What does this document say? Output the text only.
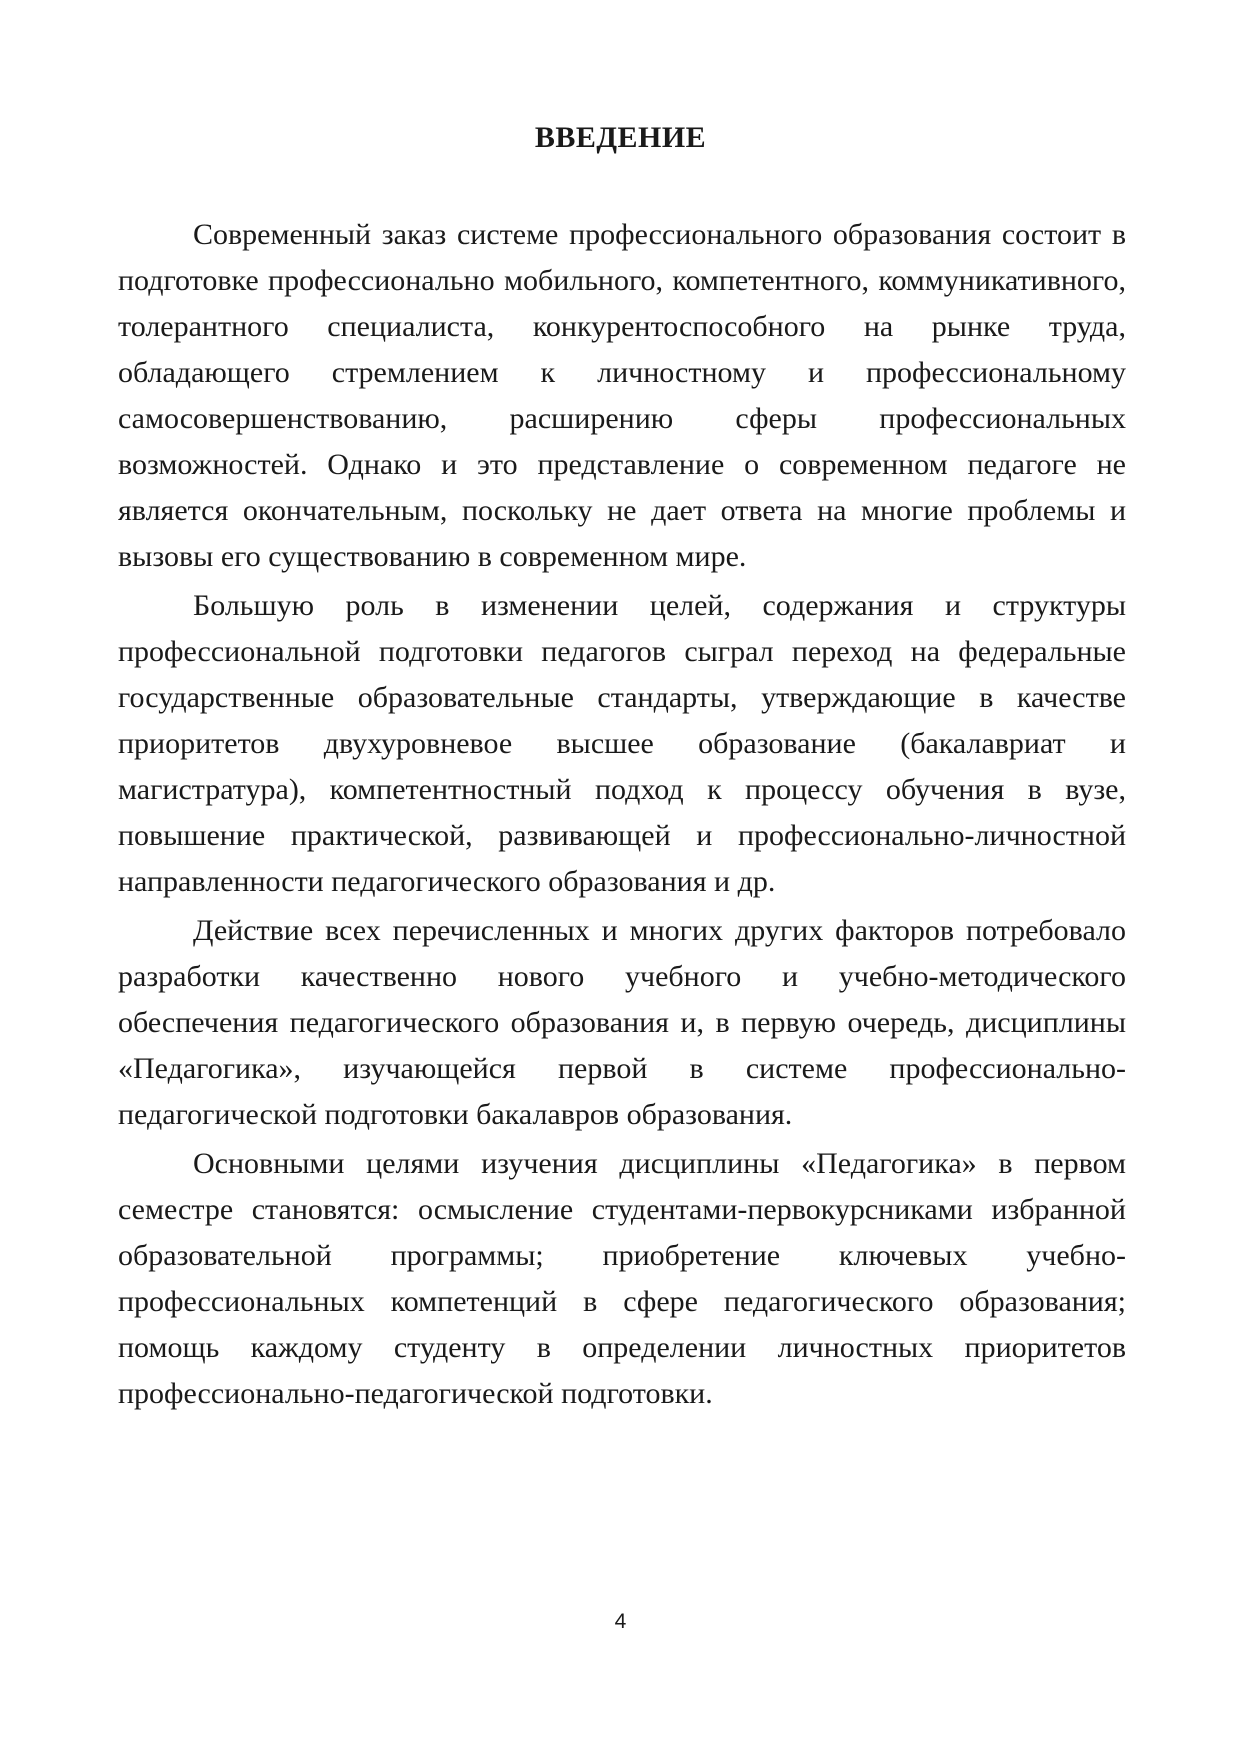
ВВЕДЕНИЕ

Современный заказ системе профессионального образования состоит в подготовке профессионально мобильного, компетентного, коммуникативного, толерантного специалиста, конкурентоспособного на рынке труда, обладающего стремлением к личностному и профессиональному самосовершенствованию, расширению сферы профессиональных возможностей. Однако и это представление о современном педагоге не является окончательным, поскольку не дает ответа на многие проблемы и вызовы его существованию в современном мире.

Большую роль в изменении целей, содержания и структуры профессиональной подготовки педагогов сыграл переход на федеральные государственные образовательные стандарты, утверждающие в качестве приоритетов двухуровневое высшее образование (бакалавриат и магистратура), компетентностный подход к процессу обучения в вузе, повышение практической, развивающей и профессионально-личностной направленности педагогического образования и др.

Действие всех перечисленных и многих других факторов потребовало разработки качественно нового учебного и учебно-методического обеспечения педагогического образования и, в первую очередь, дисциплины «Педагогика», изучающейся первой в системе профессионально-педагогической подготовки бакалавров образования.

Основными целями изучения дисциплины «Педагогика» в первом семестре становятся: осмысление студентами-первокурсниками избранной образовательной программы; приобретение ключевых учебно-профессиональных компетенций в сфере педагогического образования; помощь каждому студенту в определении личностных приоритетов профессионально-педагогической подготовки.

4
